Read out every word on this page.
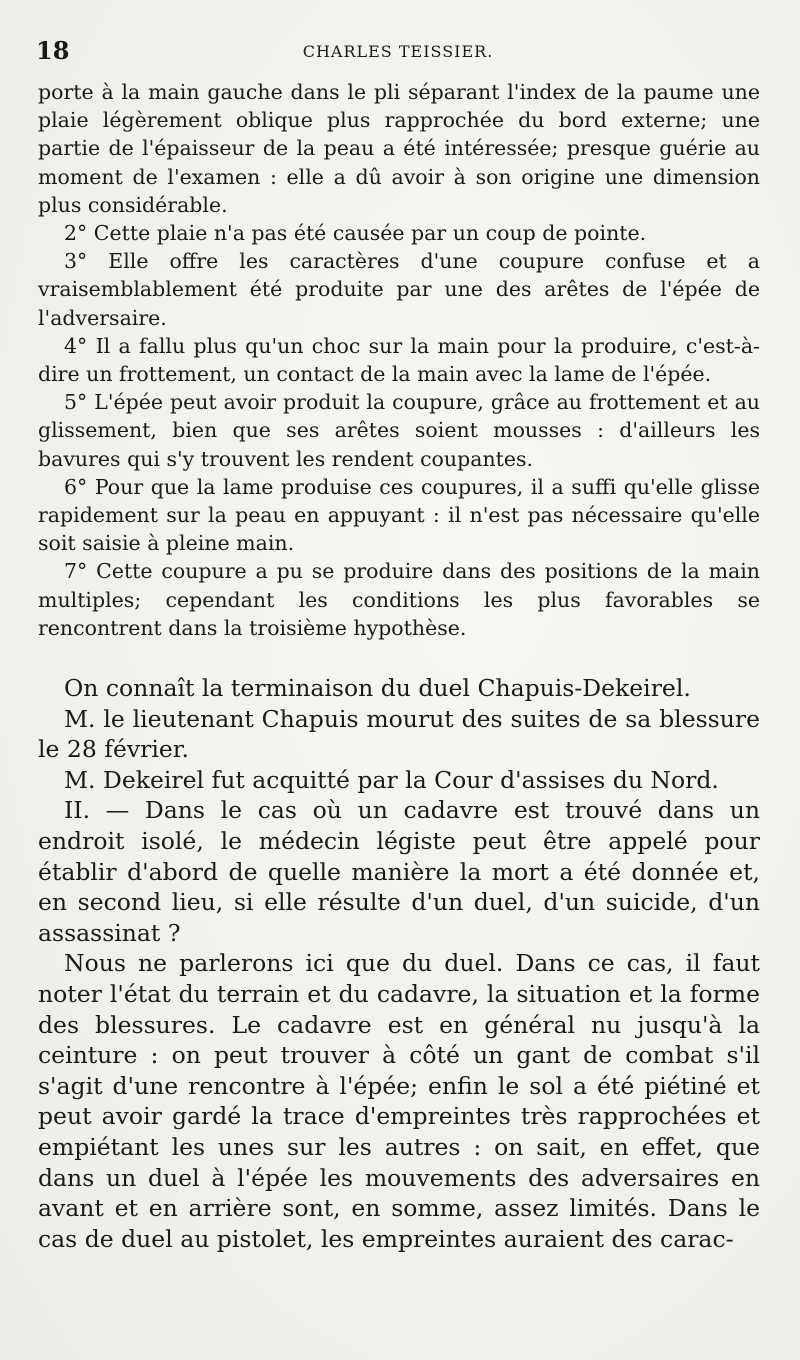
18	CHARLES TEISSIER.

porte à la main gauche dans le pli séparant l'index de la paume une plaie légèrement oblique plus rapprochée du bord externe; une partie de l'épaisseur de la peau a été intéressée; presque guérie au moment de l'examen : elle a dû avoir à son origine une dimension plus considérable.

2° Cette plaie n'a pas été causée par un coup de pointe.

3° Elle offre les caractères d'une coupure confuse et a vraisemblablement été produite par une des arêtes de l'épée de l'adversaire.

4° Il a fallu plus qu'un choc sur la main pour la produire, c'est-à-dire un frottement, un contact de la main avec la lame de l'épée.

5° L'épée peut avoir produit la coupure, grâce au frottement et au glissement, bien que ses arêtes soient mousses : d'ailleurs les bavures qui s'y trouvent les rendent coupantes.

6° Pour que la lame produise ces coupures, il a suffi qu'elle glisse rapidement sur la peau en appuyant : il n'est pas nécessaire qu'elle soit saisie à pleine main.

7° Cette coupure a pu se produire dans des positions de la main multiples; cependant les conditions les plus favorables se rencontrent dans la troisième hypothèse.

On connaît la terminaison du duel Chapuis-Dekeirel.

M. le lieutenant Chapuis mourut des suites de sa blessure le 28 février.

M. Dekeirel fut acquitté par la Cour d'assises du Nord.

II. — Dans le cas où un cadavre est trouvé dans un endroit isolé, le médecin légiste peut être appelé pour établir d'abord de quelle manière la mort a été donnée et, en second lieu, si elle résulte d'un duel, d'un suicide, d'un assassinat ?

Nous ne parlerons ici que du duel. Dans ce cas, il faut noter l'état du terrain et du cadavre, la situation et la forme des blessures. Le cadavre est en général nu jusqu'à la ceinture : on peut trouver à côté un gant de combat s'il s'agit d'une rencontre à l'épée; enfin le sol a été piétiné et peut avoir gardé la trace d'empreintes très rapprochées et empiétant les unes sur les autres : on sait, en effet, que dans un duel à l'épée les mouvements des adversaires en avant et en arrière sont, en somme, assez limités. Dans le cas de duel au pistolet, les empreintes auraient des carac-
